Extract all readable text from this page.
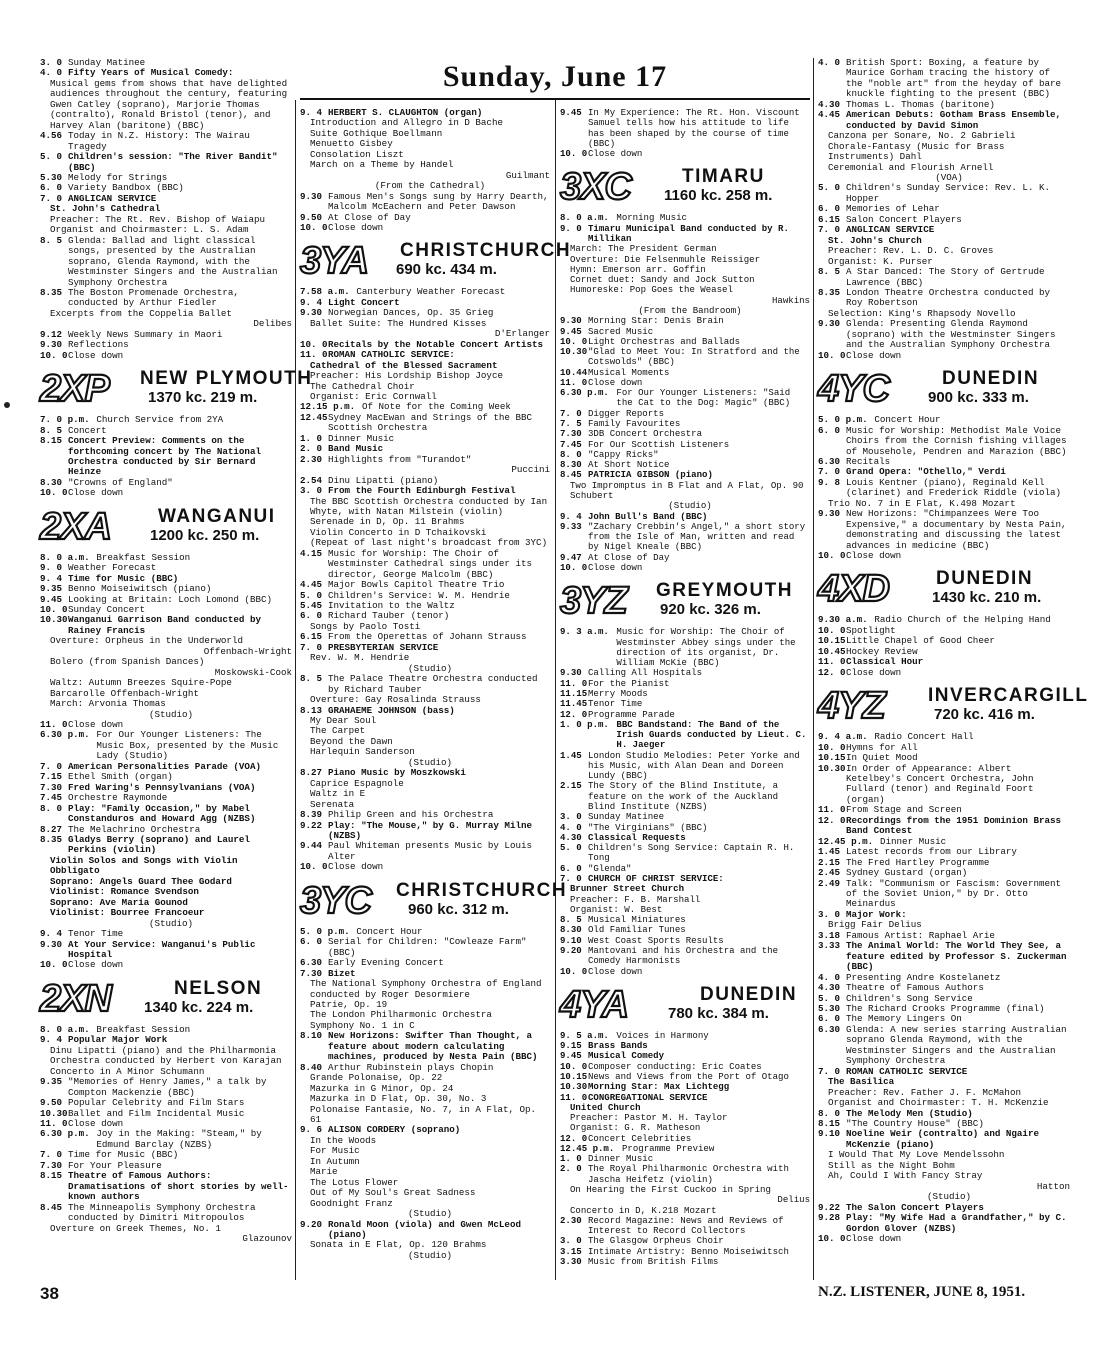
Sunday, June 17
3. 0 Sunday Matinee
4. 0 Fifty Years of Musical Comedy:
Musical gems from shows that have delighted audiences throughout the century, featuring Gwen Catley (soprano), Marjorie Thomas (contralto), Ronald Bristol (tenor), and Harvey Alan (baritone) (BBC)
4.56 Today in N.Z. History: The Wairau Tragedy
5. 0 Children's session: "The River Bandit" (BBC)
5.30 Melody for Strings
6. 0 Variety Bandbox (BBC)
7. 0 ANGLICAN SERVICE
St. John's Cathedral
Preacher: The Rt. Rev. Bishop of Waiapu
Organist and Choirmaster: L. S. Adam
8. 5 Glenda: Ballad and light classical songs, presented by the Australian soprano, Glenda Raymond, with the Westminster Singers and the Australian Symphony Orchestra
8.35 The Boston Promenade Orchestra, conducted by Arthur Fiedler
Excerpts from the Coppelia Ballet
Delibes
9.12 Weekly News Summary in Maori
9.30 Reflections
10. 0 Close down
2XP NEW PLYMOUTH
1370 kc. 219 m.
7. 0 p.m. Church Service from 2YA
8. 5 Concert
8.15 Concert Preview: Comments on the forthcoming concert by The National Orchestra conducted by Sir Bernard Heinze
8.30 "Crowns of England"
10. 0 Close down
2XA WANGANUI
1200 kc. 250 m.
8. 0 a.m. Breakfast Session
9. 0 Weather Forecast
9. 4 Time for Music (BBC)
9.35 Benno Moiseiwitsch (piano)
9.45 Looking at Britain: Loch Lomond (BBC)
10. 0 Sunday Concert
10.30 Wanganui Garrison Band conducted by Rainey Francis
Overture: Orpheus in the Underworld
Offenbach-Wright
Bolero (from Spanish Dances)
Moskowski-Cook
Waltz: Autumn Breezes Squire-Pope
Barcarolle Offenbach-Wright
March: Arvonia Thomas
(Studio)
11. 0 Close down
6.30 p.m. For Our Younger Listeners: The Music Box, presented by the Music Lady (Studio)
7. 0 American Personalities Parade (VOA)
7.15 Ethel Smith (organ)
7.30 Fred Waring's Pennsylvanians (VOA)
7.45 Orchestre Raymonde
8. 0 Play: "Family Occasion," by Mabel Constanduros and Howard Agg (NZBS)
8.27 The Melachrino Orchestra
8.35 Gladys Berry (soprano) and Laurel Perkins (violin)
Violin Solos and Songs with Violin Obbligato
Soprano: Angels Guard Thee Godard
Violinist: Romance Svendson
Soprano: Ave Maria Gounod
Violinist: Bourree Francoeur
(Studio)
9. 4 Tenor Time
9.30 At Your Service: Wanganui's Public Hospital
10. 0 Close down
2XN	NELSON
1340 kc. 224 m.
8. 0 a.m. Breakfast Session
9. 4 Popular Major Work
Dinu Lipatti (piano) and the Philharmonia Orchestra conducted by Herbert von Karajan
Concerto in A Minor Schumann
9.35 "Memories of Henry James," a talk by Compton Mackenzie (BBC)
9.50 Popular Celebrity and Film Stars
10.30 Ballet and Film Incidental Music
11. 0 Close down
6.30 p.m. Joy in the Making: "Steam," by Edmund Barclay (NZBS)
7. 0 Time for Music (BBC)
7.30 For Your Pleasure
8.15 Theatre of Famous Authors: Dramatisations of short stories by well-known authors
8.45 The Minneapolis Symphony Orchestra conducted by Dimitri Mitropoulos
Overture on Greek Themes, No. 1
Glazounov
9. 4 HERBERT S. CLAUGHTON (organ)
Introduction and Allegro in D Bache
Suite Gothique Boellmann
Menuetto Gisbey
Consolation Liszt
March on a Theme by Handel
Guilmant
(From the Cathedral)
9.30 Famous Men's Songs sung by Harry Dearth, Malcolm McEachern and Peter Dawson
9.50 At Close of Day
10. 0 Close down
3YA CHRISTCHURCH
690 kc. 434 m.
7.58 a.m. Canterbury Weather Forecast
9. 4 Light Concert
9.30 Norwegian Dances, Op. 35 Grieg
Ballet Suite: The Hundred Kisses
D'Erlanger
10. 0 Recitals by the Notable Concert Artists
11. 0 ROMAN CATHOLIC SERVICE:
Cathedral of the Blessed Sacrament
Preacher: His Lordship Bishop Joyce
The Cathedral Choir
Organist: Eric Cornwall
12.15 p.m. Of Note for the Coming Week
12.45 Sydney MacEwan and Strings of the BBC Scottish Orchestra
1. 0 Dinner Music
2. 0 Band Music
2.30 Highlights from "Turandot"
Puccini
2.54 Dinu Lipatti (piano)
3. 0 From the Fourth Edinburgh Festival
The BBC Scottish Orchestra conducted by Ian Whyte, with Natan Milstein (violin)
Serenade in D, Op. 11 Brahms
Violin Concerto in D Tchaikovski
(Repeat of last night's broadcast from 3YC)
4.15 Music for Worship: The Choir of Westminster Cathedral sings under its director, George Malcolm (BBC)
4.45 Major Bowls Capitol Theatre Trio
5. 0 Children's Service: W. M. Hendrie
5.45 Invitation to the Waltz
6. 0 Richard Tauber (tenor)
Songs by Paolo Tosti
6.15 From the Operettas of Johann Strauss
7. 0 PRESBYTERIAN SERVICE
Rev. W. M. Hendrie
(Studio)
8. 5 The Palace Theatre Orchestra conducted by Richard Tauber
Overture: Gay Rosalinda Strauss
8.13 GRAHAEME JOHNSON (bass)
My Dear Soul
The Carpet
Beyond the Dawn
Harlequin Sanderson
(Studio)
8.27 Piano Music by Moszkowski
Caprice Espagnole
Waltz in E
Serenata
8.39 Philip Green and his Orchestra
9.22 Play: "The Mouse," by G. Murray Milne (NZBS)
9.44 Paul Whiteman presents Music by Louis Alter
10. 0 Close down
3YC CHRISTCHURCH
960 kc. 312 m.
5. 0 p.m. Concert Hour
6. 0 Serial for Children: "Cowleaze Farm" (BBC)
6.30 Early Evening Concert
7.30 Bizet
The National Symphony Orchestra of England conducted by Roger Desormiere
Patrie, Op. 19
The London Philharmonic Orchestra
Symphony No. 1 in C
8.10 New Horizons: Swifter Than Thought, a feature about modern calculating machines, produced by Nesta Pain (BBC)
8.40 Arthur Rubinstein plays Chopin
Grande Polonaise, Op. 22
Mazurka in G Minor, Op. 24
Mazurka in D Flat, Op. 30, No. 3
Polonaise Fantasie, No. 7, in A Flat, Op. 61
9. 6 ALISON CORDERY (soprano)
In the Woods
For Music
In Autumn
Marie
The Lotus Flower
Out of My Soul's Great Sadness
Goodnight Franz
(Studio)
9.20 Ronald Moon (viola) and Gwen McLeod (piano)
Sonata in E Flat, Op. 120 Brahms
(Studio)
9.45 In My Experience: The Rt. Hon. Viscount Samuel tells how his attitude to life has been shaped by the course of time (BBC)
10. 0 Close down
3XC	TIMARU
1160 kc. 258 m.
8. 0 a.m. Morning Music
9. 0 Timaru Municipal Band conducted by R. Millikan
March: The President German
Overture: Die Felsenmuhle Reissiger
Hymn: Emerson arr. Goffin
Cornet duet: Sandy and Jock Sutton
Humoreske: Pop Goes the Weasel
Hawkins
(From the Bandroom)
9.30 Morning Star: Denis Brain
9.45 Sacred Music
10. 0 Light Orchestras and Ballads
10.30 "Glad to Meet You: In Stratford and the Cotswolds" (BBC)
10.44 Musical Moments
11. 0 Close down
6.30 p.m. For Our Younger Listeners: "Said the Cat to the Dog: Magic" (BBC)
7. 0 Digger Reports
7. 5 Family Favourites
7.30 3DB Concert Orchestra
7.45 For Our Scottish Listeners
8. 0 "Cappy Ricks"
8.30 At Short Notice
8.45 PATRICIA GIBSON (piano)
Two Impromptus in B Flat and A Flat, Op. 90 Schubert
(Studio)
9. 4 John Bull's Band (BBC)
9.33 "Zachary Crebbin's Angel," a short story from the Isle of Man, written and read by Nigel Kneale (BBC)
9.47 At Close of Day
10. 0 Close down
3YZ GREYMOUTH
920 kc. 326 m.
9. 3 a.m. Music for Worship: The Choir of Westminster Abbey sings under the direction of its organist, Dr. William McKie (BBC)
9.30 Calling All Hospitals
11. 0 For the Pianist
11.15 Merry Moods
11.45 Tenor Time
12. 0 Programme Parade
1. 0 p.m. BBC Bandstand: The Band of the Irish Guards conducted by Lieut. C. H. Jaeger
1.45 London Studio Melodies: Peter Yorke and his Music, with Alan Dean and Doreen Lundy (BBC)
2.15 The Story of the Blind Institute, a feature on the work of the Auckland Blind Institute (NZBS)
3. 0 Sunday Matinee
4. 0 "The Virginians" (BBC)
4.30 Classical Requests
5. 0 Children's Song Service: Captain R. H. Tong
6. 0 "Glenda"
7. 0 CHURCH OF CHRIST SERVICE:
Brunner Street Church
Preacher: F. B. Marshall
Organist: W. Best
8. 5 Musical Miniatures
8.30 Old Familiar Tunes
9.10 West Coast Sports Results
9.20 Mantovani and his Orchestra and the Comedy Harmonists
10. 0 Close down
4YA	DUNEDIN
780 kc. 384 m.
9. 5 a.m. Voices in Harmony
9.15 Brass Bands
9.45 Musical Comedy
10. 0 Composer conducting: Eric Coates
10.15 News and Views from the Port of Otago
10.30 Morning Star: Max Lichtegg
11. 0 CONGREGATIONAL SERVICE
United Church
Preacher: Pastor M. H. Taylor
Organist: G. R. Matheson
12. 0 Concert Celebrities
12.45 p.m. Programme Preview
1. 0 Dinner Music
2. 0 The Royal Philharmonic Orchestra with Jascha Heifetz (violin)
On Hearing the First Cuckoo in Spring
Delius
Concerto in D, K.218 Mozart
2.30 Record Magazine: News and Reviews of Interest to Record Collectors
3. 0 The Glasgow Orpheus Choir
3.15 Intimate Artistry: Benno Moiseiwitsch
3.30 Music from British Films
4. 0 British Sport: Boxing, a feature by Maurice Gorham tracing the history of the "noble art" from the heyday of bare knuckle fighting to the present (BBC)
4.30 Thomas L. Thomas (baritone)
4.45 American Debuts: Gotham Brass Ensemble, conducted by David Simon
Canzona per Sonare, No. 2 Gabrieli
Chorale-Fantasy (Music for Brass Instruments) Dahl
Ceremonial and Flourish Arnell
(VOA)
5. 0 Children's Sunday Service: Rev. L. K. Hopper
6. 0 Memories of Lehar
6.15 Salon Concert Players
7. 0 ANGLICAN SERVICE
St. John's Church
Preacher: Rev. L. D. C. Groves
Organist: K. Purser
8. 5 A Star Danced: The Story of Gertrude Lawrence (BBC)
8.35 London Theatre Orchestra conducted by Roy Robertson
Selection: King's Rhapsody Novello
9.30 Glenda: Presenting Glenda Raymond (soprano) with the Westminster Singers and the Australian Symphony Orchestra
10. 0 Close down
4YC	DUNEDIN
900 kc. 333 m.
5. 0 p.m. Concert Hour
6. 0 Music for Worship: Methodist Male Voice Choirs from the Cornish fishing villages of Mousehole, Pendren and Marazion (BBC)
6.30 Recitals
7. 0 Grand Opera: "Othello," Verdi
9. 8 Louis Kentner (piano), Reginald Kell (clarinet) and Frederick Riddle (viola)
Trio No. 7 in E Flat, K.498 Mozart
9.30 New Horizons: "Chimpanzees Were Too Expensive," a documentary by Nesta Pain, demonstrating and discussing the latest advances in medicine (BBC)
10. 0 Close down
4XD DUNEDIN
1430 kc. 210 m.
9.30 a.m. Radio Church of the Helping Hand
10. 0 Spotlight
10.15 Little Chapel of Good Cheer
10.45 Hockey Review
11. 0 Classical Hour
12. 0 Close down
4YZ INVERCARGILL
720 kc. 416 m.
9. 4 a.m. Radio Concert Hall
10. 0 Hymns for All
10.15 In Quiet Mood
10.30 In Order of Appearance: Albert Ketelbey's Concert Orchestra, John Fullard (tenor) and Reginald Foort (organ)
11. 0 From Stage and Screen
12. 0 Recordings from the 1951 Dominion Brass Band Contest
12.45 p.m. Dinner Music
1.45 Latest records from our Library
2.15 The Fred Hartley Programme
2.45 Sydney Gustard (organ)
2.49 Talk: "Communism or Fascism: Government of the Soviet Union," by Dr. Otto Meinardus
3. 0 Major Work:
Brigg Fair Delius
3.18 Famous Artist: Raphael Arie
3.33 The Animal World: The World They See, a feature edited by Professor S. Zuckerman (BBC)
4. 0 Presenting Andre Kostelanetz
4.30 Theatre of Famous Authors
5. 0 Children's Song Service
5.30 The Richard Crooks Programme (final)
6. 0 The Memory Lingers On
6.30 Glenda: A new series starring Australian soprano Glenda Raymond, with the Westminster Singers and the Australian Symphony Orchestra
7. 0 ROMAN CATHOLIC SERVICE
The Basilica
Preacher: Rev. Father J. F. McMahon
Organist and Choirmaster: T. H. McKenzie
8. 0 The Melody Men (Studio)
8.15 "The Country House" (BBC)
9.10 Noeline Weir (contralto) and Ngaire McKenzie (piano)
I Would That My Love Mendelssohn
Still as the Night Bohm
Ah, Could I With Fancy Stray
Hatton
(Studio)
9.22 The Salon Concert Players
9.28 Play: "My Wife Had a Grandfather," by C. Gordon Glover (NZBS)
10. 0 Close down
38	N.Z. LISTENER, JUNE 8, 1951.
